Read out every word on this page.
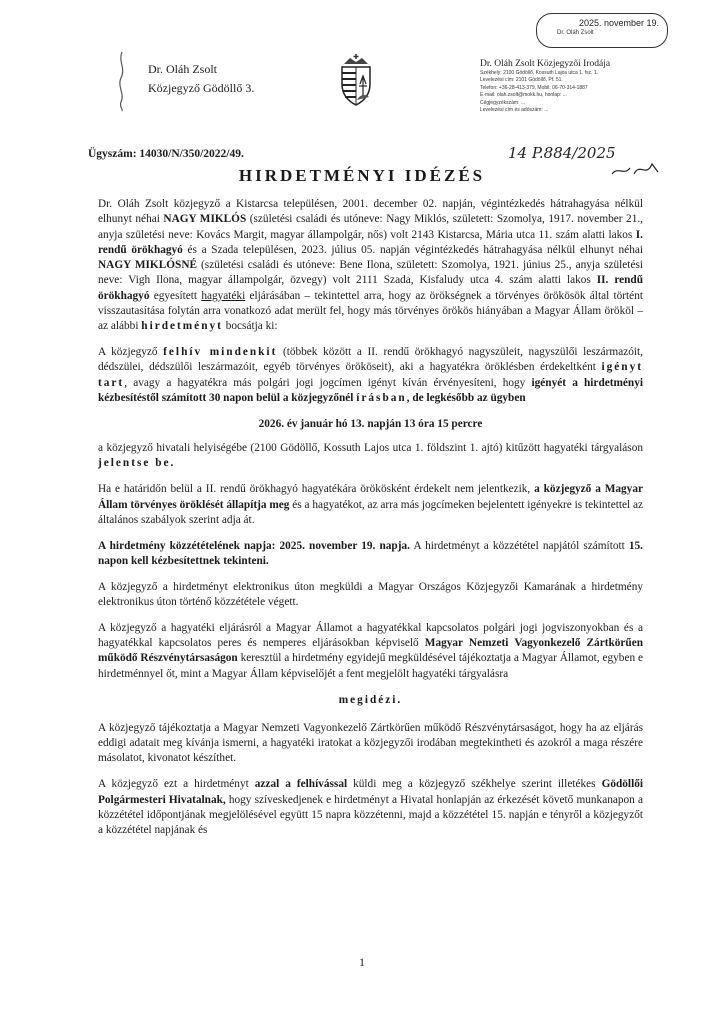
2025. november 19.
Dr. Oláh Zsolt
Dr. Oláh Zsolt
Közjegyző Gödöllő 3.
Dr. Oláh Zsolt Közjegyzői Irodája
Székhely: 2100 Gödöllő, Kossuth Lajos utca 1. fsz. 1.
Levelezési cím: 2101 Gödöllő, Pf. 51.
Telefon: +36-28-413-379, Mobil: 06-70-314-1887
E-mail: olah.zsolt@mokk.hu, honlap: ...
Cégjegyzékszám: ...
Levelezési cím és adószám: ...
Ügyszám: 14030/N/350/2022/49.	14 P.884/2025
HIRDETMÉNYI IDÉZÉS

Dr. Oláh Zsolt közjegyző a Kistarcsa településen, 2001. december 02. napján, végintézkedés hátrahagyása nélkül elhunyt néhai NAGY MIKLÓS (születési családi és utóneve: Nagy Miklós, született: Szomolya, 1917. november 21., anyja születési neve: Kovács Margit, magyar állampolgár, nős) volt 2143 Kistarcsa, Mária utca 11. szám alatti lakos I. rendű örökhagyó és a Szada településen, 2023. július 05. napján végintézkedés hátrahagyása nélkül elhunyt néhai NAGY MIKLÓSNÉ (születési családi és utóneve: Bene Ilona, született: Szomolya, 1921. június 25., anyja születési neve: Vigh Ilona, magyar állampolgár, özvegy) volt 2111 Szada, Kisfaludy utca 4. szám alatti lakos II. rendű örökhagyó egyesített hagyatéki eljárásában – tekintettel arra, hogy az örökségnek a törvényes örökösök által történt visszautasítása folytán arra vonatkozó adat merült fel, hogy más törvényes örökös hiányában a Magyar Állam örököl – az alábbi hirdetményt bocsátja ki:

A közjegyző felhív mindenkit (többek között a II. rendű örökhagyó nagyszüleit, nagyszülői leszármazóit, dédszülei, dédszülői leszármazóit, egyéb törvényes örököseit), aki a hagyatékra öröklésben érdekeltként igényt tart, avagy a hagyatékra más polgári jogi jogcímen igényt kíván érvényesíteni, hogy igényét a hirdetményi kézbesítéstől számított 30 napon belül a közjegyzőnél írásban, de legkésőbb az ügyben

2026. év január hó 13. napján 13 óra 15 percre

a közjegyző hivatali helyiségébe (2100 Gödöllő, Kossuth Lajos utca 1. földszint 1. ajtó) kitűzött hagyatéki tárgyaláson jelentse be.

Ha e határidőn belül a II. rendű örökhagyó hagyatékára örökösként érdekelt nem jelentkezik, a közjegyző a Magyar Állam törvényes öröklését állapítja meg és a hagyatékot, az arra más jogcímeken bejelentett igényekre is tekintettel az általános szabályok szerint adja át.

A hirdetmény közzétételének napja: 2025. november 19. napja. A hirdetményt a közzététel napjától számított 15. napon kell kézbesítettnek tekinteni.

A közjegyző a hirdetményt elektronikus úton megküldi a Magyar Országos Közjegyzői Kamarának a hirdetmény elektronikus úton történő közzététele végett.

A közjegyző a hagyatéki eljárásról a Magyar Államot a hagyatékkal kapcsolatos polgári jogi jogviszonyokban és a hagyatékkal kapcsolatos peres és nemperes eljárásokban képviselő Magyar Nemzeti Vagyonkezelő Zártkörűen működő Részvénytársaságon keresztül a hirdetmény egyidejű megküldésével tájékoztatja a Magyar Államot, egyben e hirdetménnyel őt, mint a Magyar Állam képviselőjét a fent megjelölt hagyatéki tárgyalásra

megidézi.

A közjegyző tájékoztatja a Magyar Nemzeti Vagyonkezelő Zártkörűen működő Részvénytársaságot, hogy ha az eljárás eddigi adatait meg kívánja ismerni, a hagyatéki iratokat a közjegyzői irodában megtekintheti és azokról a maga részére másolatot, kivonatot készíthet.

A közjegyző ezt a hirdetményt azzal a felhívással küldi meg a közjegyző székhelye szerint illetékes Gödöllői Polgármesteri Hivatalnak, hogy szíveskedjenek e hirdetményt a Hivatal honlapján az érkezését követő munkanapon a közzététel időpontjának megjelölésével együtt 15 napra közzétenni, majd a közzététel 15. napján e tényről a közjegyzőt a közzététel napjának és

1
